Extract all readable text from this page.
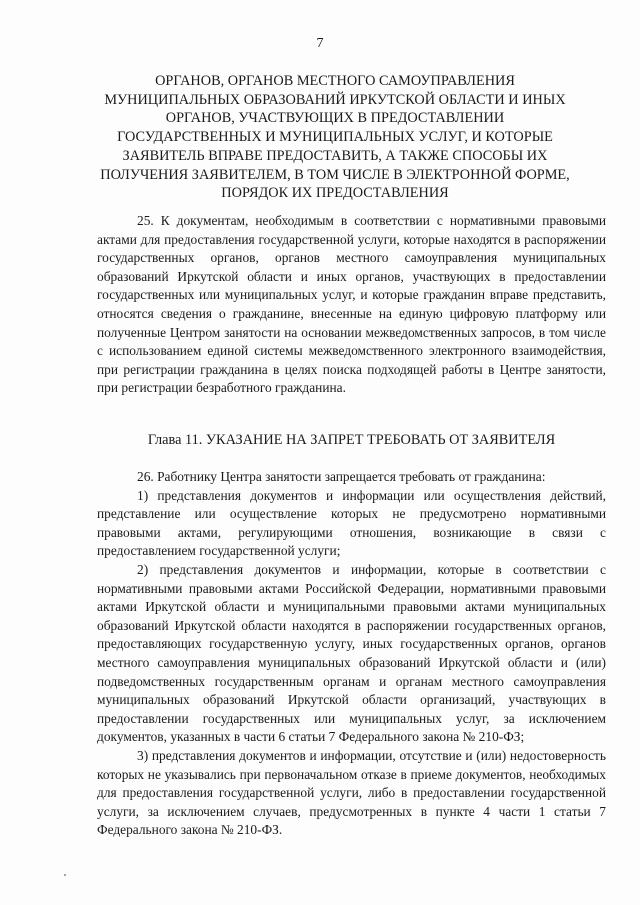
7
ОРГАНОВ, ОРГАНОВ МЕСТНОГО САМОУПРАВЛЕНИЯ
МУНИЦИПАЛЬНЫХ ОБРАЗОВАНИЙ ИРКУТСКОЙ ОБЛАСТИ И ИНЫХ
ОРГАНОВ, УЧАСТВУЮЩИХ В ПРЕДОСТАВЛЕНИИ
ГОСУДАРСТВЕННЫХ И МУНИЦИПАЛЬНЫХ УСЛУГ, И КОТОРЫЕ
ЗАЯВИТЕЛЬ ВПРАВЕ ПРЕДОСТАВИТЬ, А ТАКЖЕ СПОСОБЫ ИХ
ПОЛУЧЕНИЯ ЗАЯВИТЕЛЕМ, В ТОМ ЧИСЛЕ В ЭЛЕКТРОННОЙ ФОРМЕ,
ПОРЯДОК ИХ ПРЕДОСТАВЛЕНИЯ

25. К документам, необходимым в соответствии с нормативными правовыми актами для предоставления государственной услуги, которые находятся в распоряжении государственных органов, органов местного самоуправления муниципальных образований Иркутской области и иных органов, участвующих в предоставлении государственных или муниципальных услуг, и которые гражданин вправе представить, относятся сведения о гражданине, внесенные на единую цифровую платформу или полученные Центром занятости на основании межведомственных запросов, в том числе с использованием единой системы межведомственного электронного взаимодействия, при регистрации гражданина в целях поиска подходящей работы в Центре занятости, при регистрации безработного гражданина.

Глава 11. УКАЗАНИЕ НА ЗАПРЕТ ТРЕБОВАТЬ ОТ ЗАЯВИТЕЛЯ

26. Работнику Центра занятости запрещается требовать от гражданина:

1) представления документов и информации или осуществления действий, представление или осуществление которых не предусмотрено нормативными правовыми актами, регулирующими отношения, возникающие в связи с предоставлением государственной услуги;

2) представления документов и информации, которые в соответствии с нормативными правовыми актами Российской Федерации, нормативными правовыми актами Иркутской области и муниципальными правовыми актами муниципальных образований Иркутской области находятся в распоряжении государственных органов, предоставляющих государственную услугу, иных государственных органов, органов местного самоуправления муниципальных образований Иркутской области и (или) подведомственных государственным органам и органам местного самоуправления муниципальных образований Иркутской области организаций, участвующих в предоставлении государственных или муниципальных услуг, за исключением документов, указанных в части 6 статьи 7 Федерального закона № 210-ФЗ;

3) представления документов и информации, отсутствие и (или) недостоверность которых не указывались при первоначальном отказе в приеме документов, необходимых для предоставления государственной услуги, либо в предоставлении государственной услуги, за исключением случаев, предусмотренных в пункте 4 части 1 статьи 7 Федерального закона № 210-ФЗ.
